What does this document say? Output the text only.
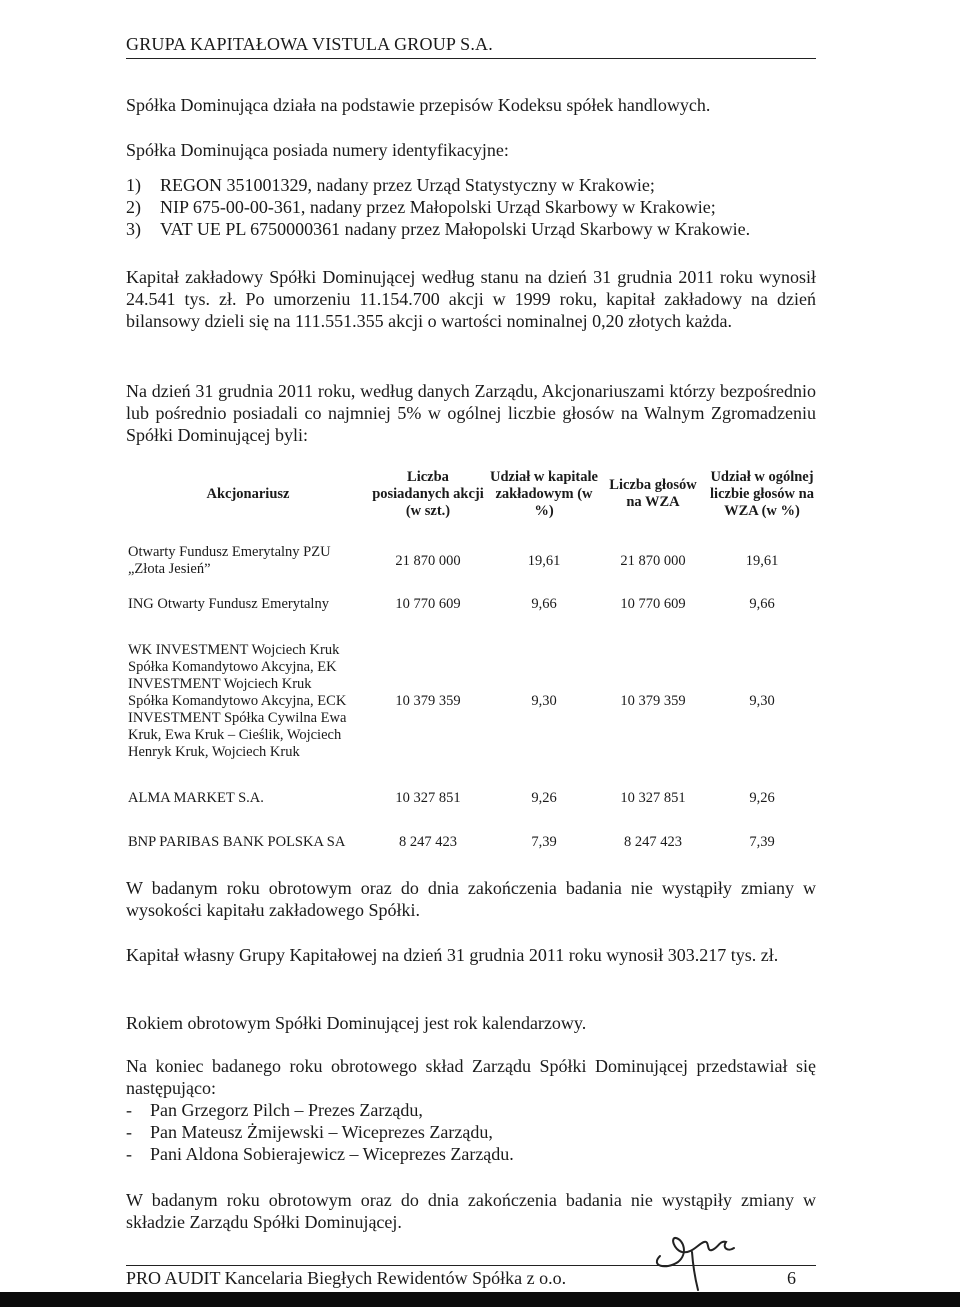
GRUPA KAPITAŁOWA VISTULA GROUP S.A.
Spółka Dominująca działa na podstawie przepisów Kodeksu spółek handlowych.
Spółka Dominująca posiada numery identyfikacyjne:
1)	REGON 351001329, nadany przez Urząd Statystyczny w Krakowie;
2)	NIP 675-00-00-361, nadany przez Małopolski Urząd Skarbowy w Krakowie;
3)	VAT UE PL 6750000361 nadany przez Małopolski Urząd Skarbowy w Krakowie.
Kapitał zakładowy Spółki Dominującej według stanu na dzień 31 grudnia 2011 roku wynosił 24.541 tys. zł. Po umorzeniu 11.154.700 akcji w 1999 roku, kapitał zakładowy na dzień bilansowy dzieli się na 111.551.355 akcji o wartości nominalnej 0,20 złotych każda.
Na dzień 31 grudnia 2011 roku, według danych Zarządu, Akcjonariuszami którzy bezpośrednio lub pośrednio posiadali co najmniej 5% w ogólnej liczbie głosów na Walnym Zgromadzeniu Spółki Dominującej byli:
Akcjonariusz	Liczba posiadanych akcji (w szt.)	Udział w kapitale zakładowym (w %)	Liczba głosów na WZA	Udział w ogólnej liczbie głosów na WZA (w %)
Otwarty Fundusz Emerytalny PZU „Złota Jesień”	21 870 000	19,61	21 870 000	19,61
ING Otwarty Fundusz Emerytalny	10 770 609	9,66	10 770 609	9,66
WK INVESTMENT Wojciech Kruk Spółka Komandytowo Akcyjna, EK INVESTMENT Wojciech Kruk Spółka Komandytowo Akcyjna, ECK INVESTMENT Spółka Cywilna Ewa Kruk, Ewa Kruk – Cieślik, Wojciech Henryk Kruk, Wojciech Kruk	10 379 359	9,30	10 379 359	9,30
ALMA MARKET S.A.	10 327 851	9,26	10 327 851	9,26
BNP PARIBAS BANK POLSKA SA	8 247 423	7,39	8 247 423	7,39
W badanym roku obrotowym oraz do dnia zakończenia badania nie wystąpiły zmiany w wysokości kapitału zakładowego Spółki.
Kapitał własny Grupy Kapitałowej na dzień 31 grudnia 2011 roku wynosił 303.217 tys. zł.
Rokiem obrotowym Spółki Dominującej jest rok kalendarzowy.
Na koniec badanego roku obrotowego skład Zarządu Spółki Dominującej przedstawiał się następująco:
-	Pan Grzegorz Pilch – Prezes Zarządu,
-	Pan Mateusz Żmijewski – Wiceprezes Zarządu,
-	Pani Aldona Sobierajewicz – Wiceprezes Zarządu.
W badanym roku obrotowym oraz do dnia zakończenia badania nie wystąpiły zmiany w składzie Zarządu Spółki Dominującej.
PRO AUDIT Kancelaria Biegłych Rewidentów Spółka z o.o.	6
